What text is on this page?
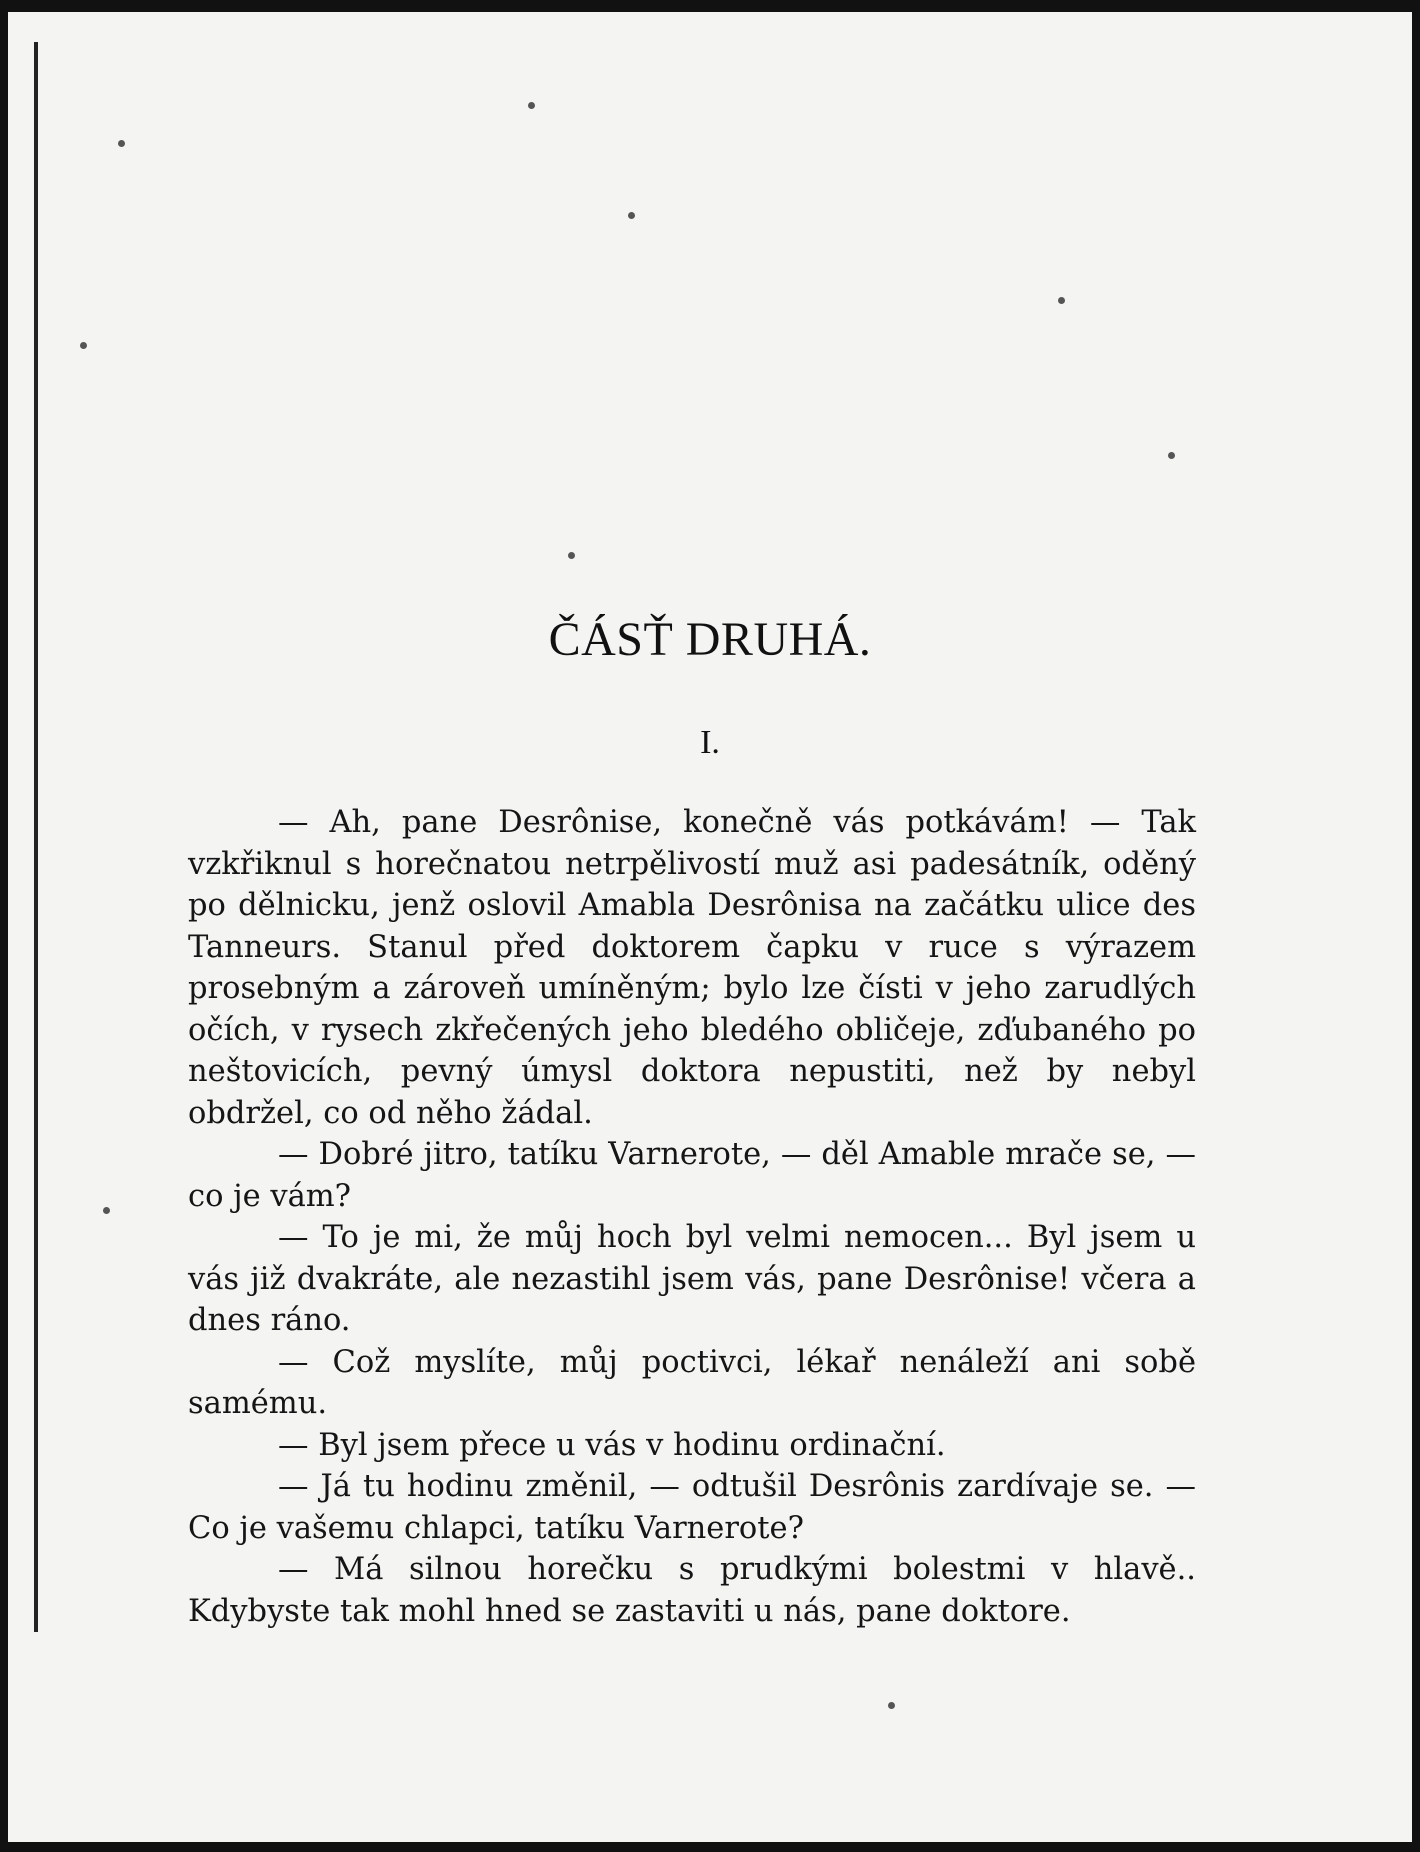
ČÁSŤ DRUHÁ.
I.

— Ah, pane Desrônise, konečně vás potkávám! — Tak vzkřiknul s horečnatou netrpělivostí muž asi padesátník, oděný po dělnicku, jenž oslovil Amabla Desrônisa na začátku ulice des Tanneurs. Stanul před doktorem čapku v ruce s výrazem prosebným a zároveň umíněným; bylo lze čísti v jeho zarudlých očích, v rysech zkřečených jeho bledého obličeje, zďubaného po neštovicích, pevný úmysl doktora nepustiti, než by nebyl obdržel, co od něho žádal.

— Dobré jitro, tatíku Varnerote, — děl Amable mrače se, — co je vám?

— To je mi, že můj hoch byl velmi nemocen... Byl jsem u vás již dvakráte, ale nezastihl jsem vás, pane Desrônise! včera a dnes ráno.

— Což myslíte, můj poctivci, lékař nenáleží ani sobě samému.

— Byl jsem přece u vás v hodinu ordinační.

— Já tu hodinu změnil, — odtušil Desrônis zardívaje se. — Co je vašemu chlapci, tatíku Varnerote?

— Má silnou horečku s prudkými bolestmi v hlavě.. Kdybyste tak mohl hned se zastaviti u nás, pane doktore.
